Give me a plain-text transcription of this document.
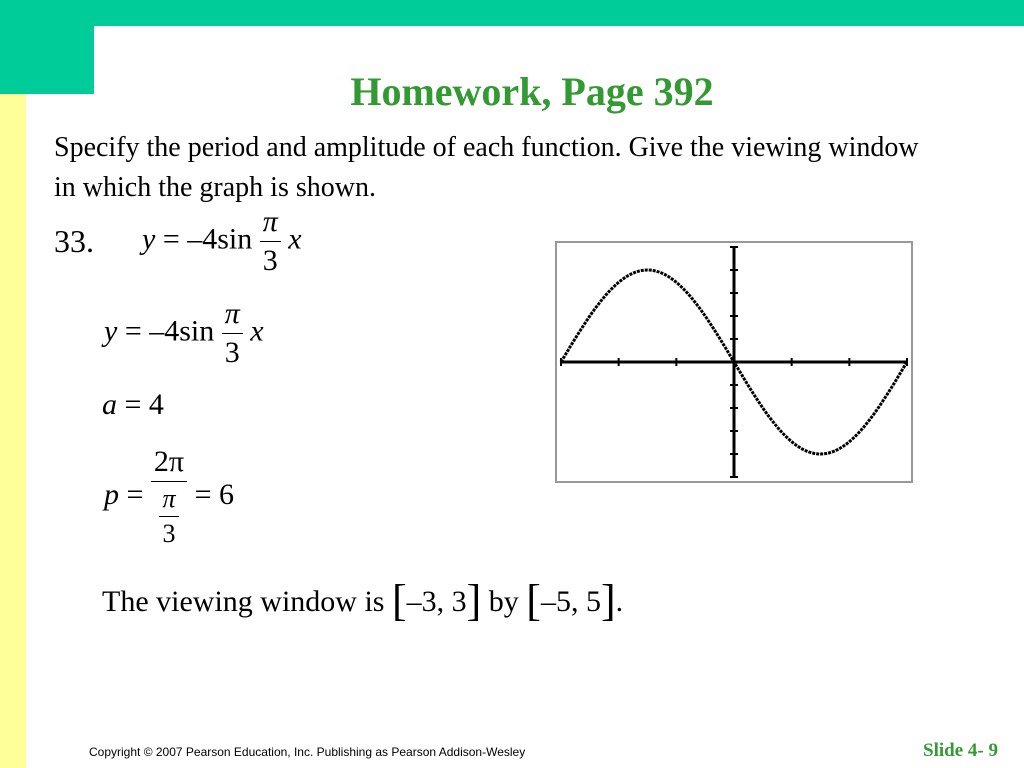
Homework, Page 392
Specify the period and amplitude of each function. Give the viewing window in which the graph is shown.
33. $y = -4\sin \frac{\pi}{3}$ x
$y = -4\sin \frac{\pi}{3}$ x
a = 4
$p = \frac{2\pi}{\frac{\pi}{3}} = 6$
The viewing window is [–3, 3] by [–5, 5].
Copyright © 2007 Pearson Education, Inc. Publishing as Pearson Addison-Wesley	Slide 4- 9
